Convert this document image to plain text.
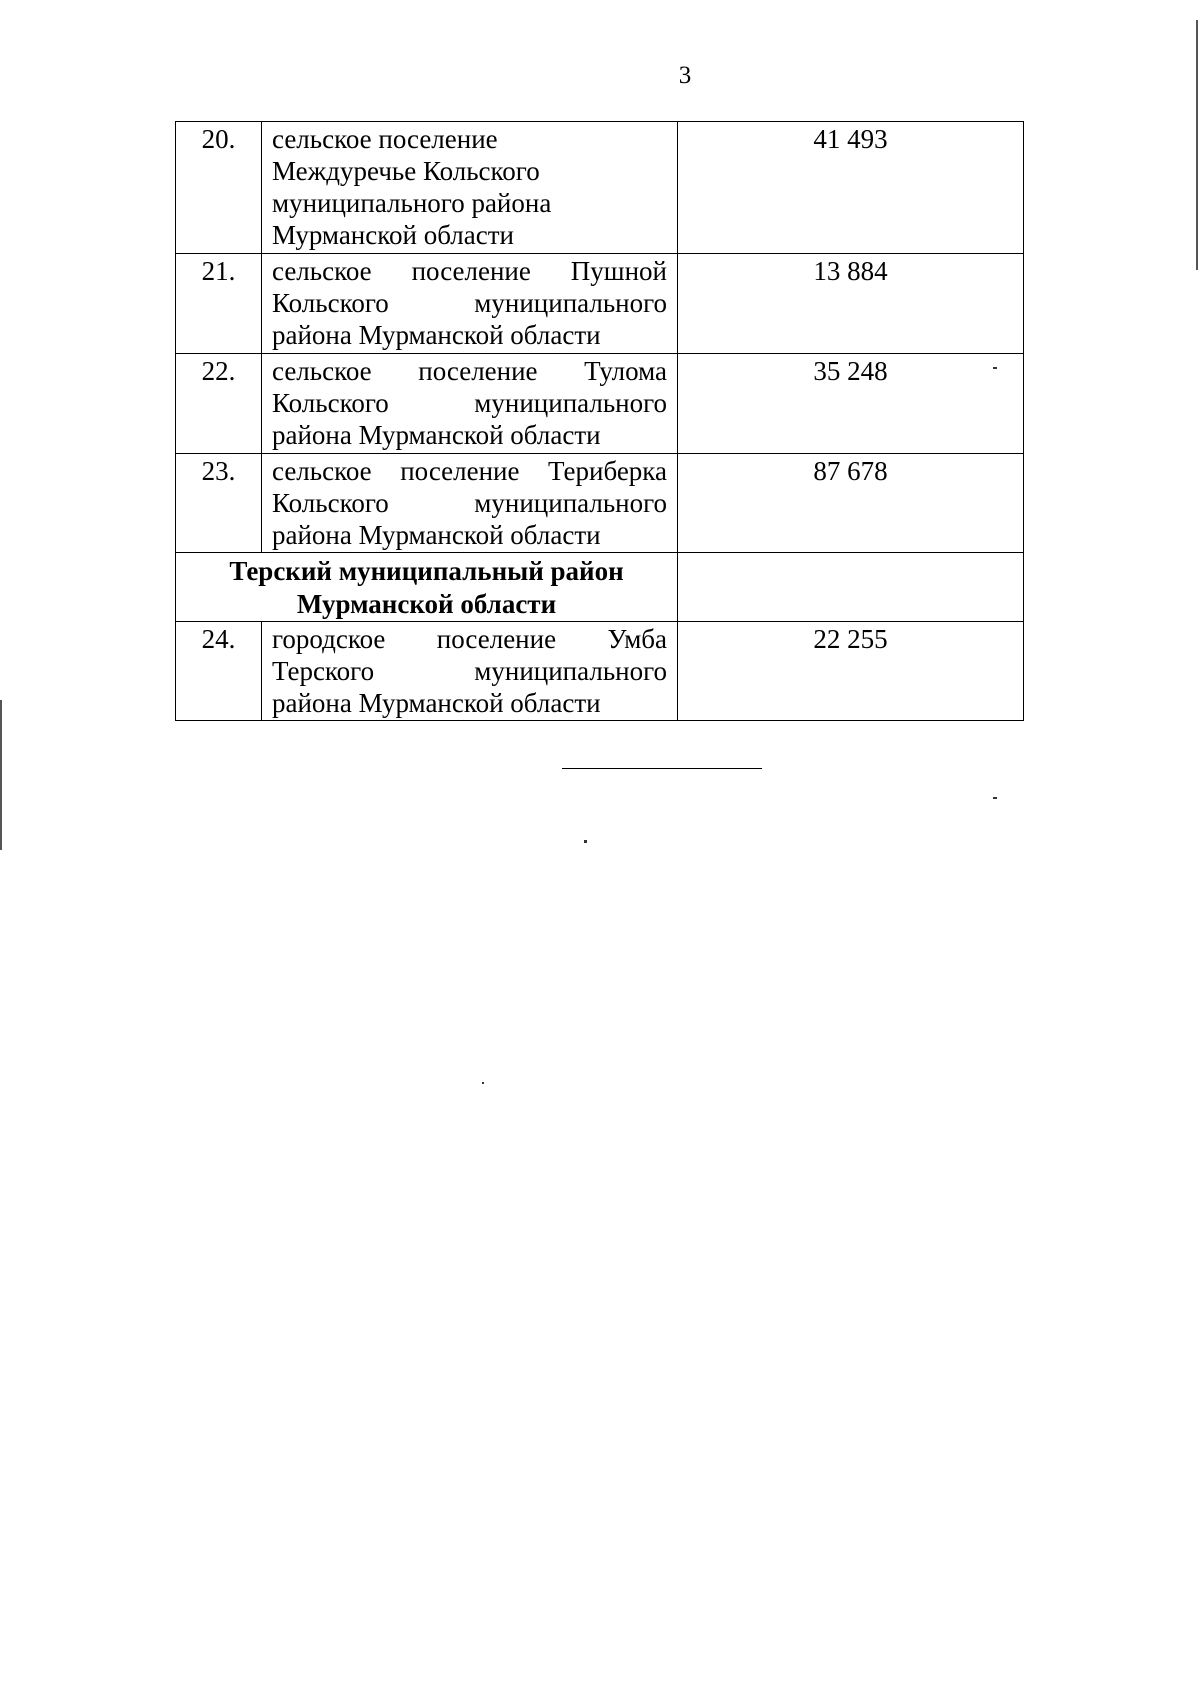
3
20.	сельское поселение
Междуречье Кольского
муниципального района
Мурманской области	41 493
21.	сельское поселение Пушной
Кольского муниципального
района Мурманской области	13 884
22.	сельское поселение Тулома
Кольского муниципального
района Мурманской области	35 248
23.	сельское поселение Териберка
Кольского муниципального
района Мурманской области	87 678

Терский муниципальный район
Мурманской области		

24.	городское поселение Умба
Терского муниципального
района Мурманской области	22 255
